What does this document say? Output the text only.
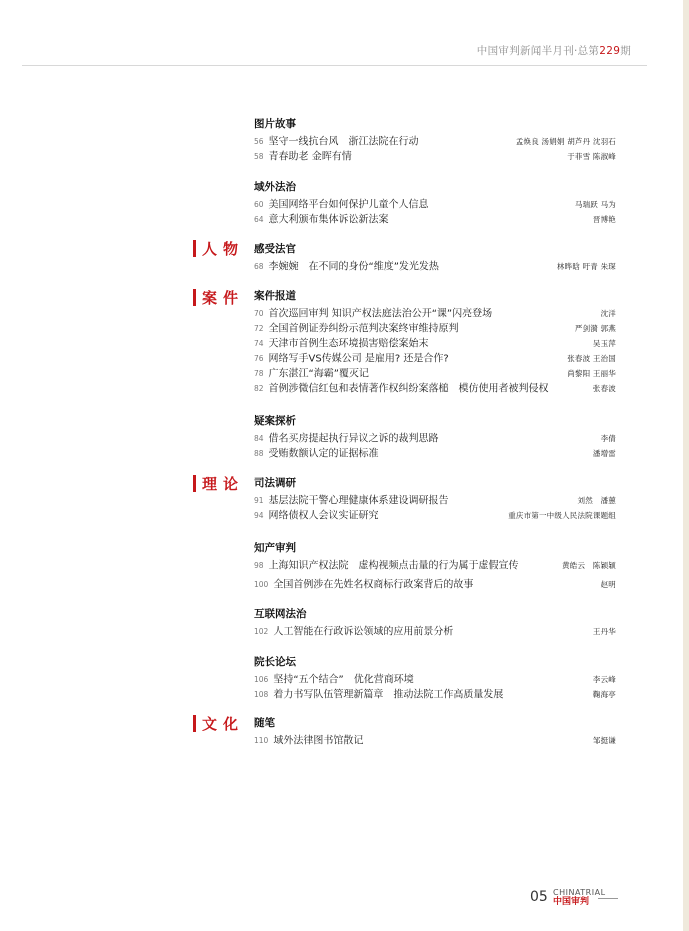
中国审判新闻半月刊·总第229期
人物
案件
理论
文化
图片故事
56 坚守一线抗台风　浙江法院在行动	孟焕良 汤娟娟 胡芦丹 沈羽石
58 青春助老 金晖有情	于菲雪 陈淑峰
域外法治
60 美国网络平台如何保护儿童个人信息	马瑞跃 马为
64 意大利颁布集体诉讼新法案	晋博艳
感受法官
68 李婉婉　在不同的身份“维度”发光发热	林晔晗 吁青 朱琛
案件报道
70 首次巡回审判 知识产权法庭法治公开“课”闪亮登场	沈洋
72 全国首例证券纠纷示范判决案终审维持原判	严剑漪 郭燕
74 天津市首例生态环境损害赔偿案始末	吴玉萍
76 网络写手VS传媒公司 是雇用? 还是合作?	张春波 王治国
78 广东湛江“海霸”覆灭记	尚黎阳 王丽华
82 首例涉微信红包和表情著作权纠纷案落槌　模仿使用者被判侵权	张春波
疑案探析
84 借名买房提起执行异议之诉的裁判思路	李倩
88 受贿数额认定的证据标准	潘增雷
司法调研
91 基层法院干警心理健康体系建设调研报告	刘然　潘蕙
94 网络债权人会议实证研究	重庆市第一中级人民法院课题组
知产审判
98 上海知识产权法院　虚构视频点击量的行为属于虚假宣传	黄皓云　陈颖颖
100 全国首例涉在先姓名权商标行政案背后的故事	赵明
互联网法治
102 人工智能在行政诉讼领域的应用前景分析	王丹华
院长论坛
106 坚持“五个结合”　优化营商环境	李云峰
108 着力书写队伍管理新篇章　推动法院工作高质量发展	鞠海亭
随笔
110 域外法律图书馆散记	邹挺谦
05 CHINATRIAL
中国审判
